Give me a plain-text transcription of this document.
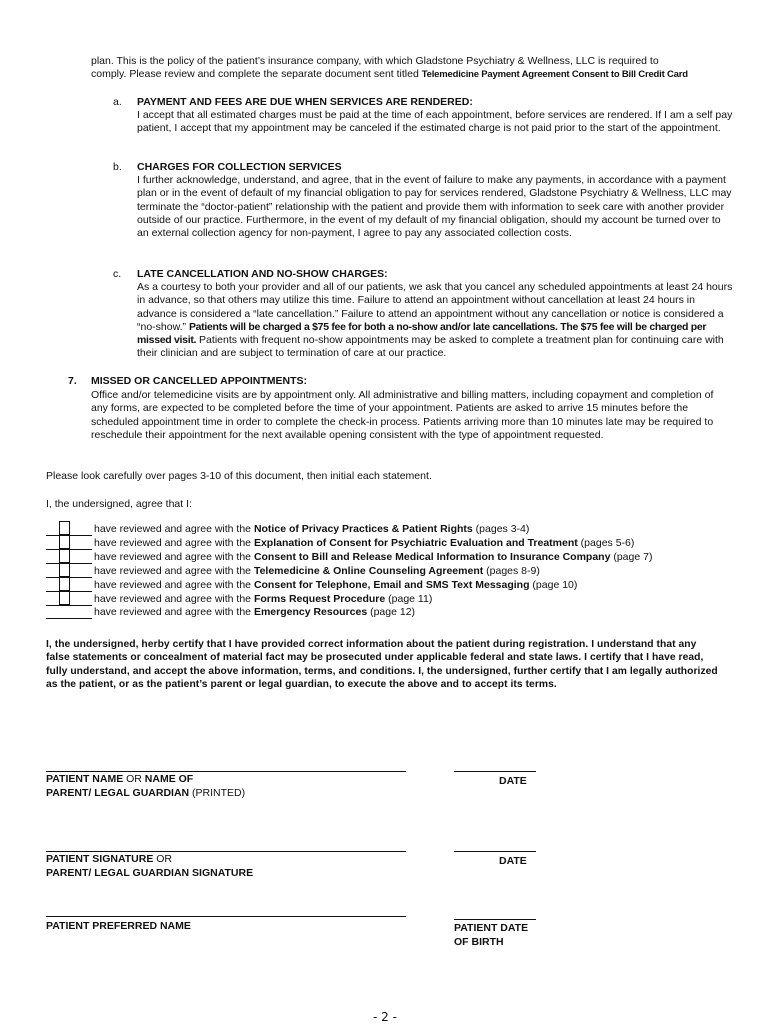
plan. This is the policy of the patient’s insurance company, with which Gladstone Psychiatry & Wellness, LLC is required to

comply. Please review and complete the separate document sent titled Telemedicine Payment Agreement Consent to Bill Credit Card

a.	PAYMENT AND FEES ARE DUE WHEN SERVICES ARE RENDERED:

I accept that all estimated charges must be paid at the time of each appointment, before services are rendered. If I am a self pay patient, I accept that my appointment may be canceled if the estimated charge is not paid prior to the start of the appointment.

b.	CHARGES FOR COLLECTION SERVICES

I further acknowledge, understand, and agree, that in the event of failure to make any payments, in accordance with a payment plan or in the event of default of my financial obligation to pay for services rendered, Gladstone Psychiatry & Wellness, LLC may terminate the “doctor-patient” relationship with the patient and provide them with information to seek care with another provider outside of our practice. Furthermore, in the event of my default of my financial obligation, should my account be turned over to an external collection agency for non-payment, I agree to pay any associated collection costs.

c.	LATE CANCELLATION AND NO-SHOW CHARGES:

As a courtesy to both your provider and all of our patients, we ask that you cancel any scheduled appointments at least 24 hours in advance, so that others may utilize this time. Failure to attend an appointment without cancellation at least 24 hours in advance is considered a “late cancellation.” Failure to attend an appointment without any cancellation or notice is considered a “no-show.” Patients will be charged a $75 fee for both a no-show and/or late cancellations. The $75 fee will be charged per missed visit. Patients with frequent no-show appointments may be asked to complete a treatment plan for continuing care with their clinician and are subject to termination of care at our practice.

7. MISSED OR CANCELLED APPOINTMENTS:

Office and/or telemedicine visits are by appointment only. All administrative and billing matters, including copayment and completion of any forms, are expected to be completed before the time of your appointment. Patients are asked to arrive 15 minutes before the scheduled appointment time in order to complete the check-in process. Patients arriving more than 10 minutes late may be required to reschedule their appointment for the next available opening consistent with the type of appointment requested.

Please look carefully over pages 3-10 of this document, then initial each statement.

I, the undersigned, agree that I:

have reviewed and agree with the Notice of Privacy Practices & Patient Rights (pages 3-4)
have reviewed and agree with the Explanation of Consent for Psychiatric Evaluation and Treatment (pages 5-6)
have reviewed and agree with the Consent to Bill and Release Medical Information to Insurance Company (page 7)
have reviewed and agree with the Telemedicine & Online Counseling Agreement (pages 8-9)
have reviewed and agree with the Consent for Telephone, Email and SMS Text Messaging (page 10)
have reviewed and agree with the Forms Request Procedure (page 11)
have reviewed and agree with the Emergency Resources (page 12)

I, the undersigned, herby certify that I have provided correct information about the patient during registration. I understand that any false statements or concealment of material fact may be prosecuted under applicable federal and state laws. I certify that I have read, fully understand, and accept the above information, terms, and conditions. I, the undersigned, further certify that I am legally authorized as the patient, or as the patient’s parent or legal guardian, to execute the above and to accept its terms.

PATIENT NAME OR NAME OF
PARENT/ LEGAL GUARDIAN (PRINTED)
DATE
PATIENT SIGNATURE OR
PARENT/ LEGAL GUARDIAN SIGNATURE
DATE
PATIENT PREFERRED NAME	PATIENT DATE
OF BIRTH
- 2 -
